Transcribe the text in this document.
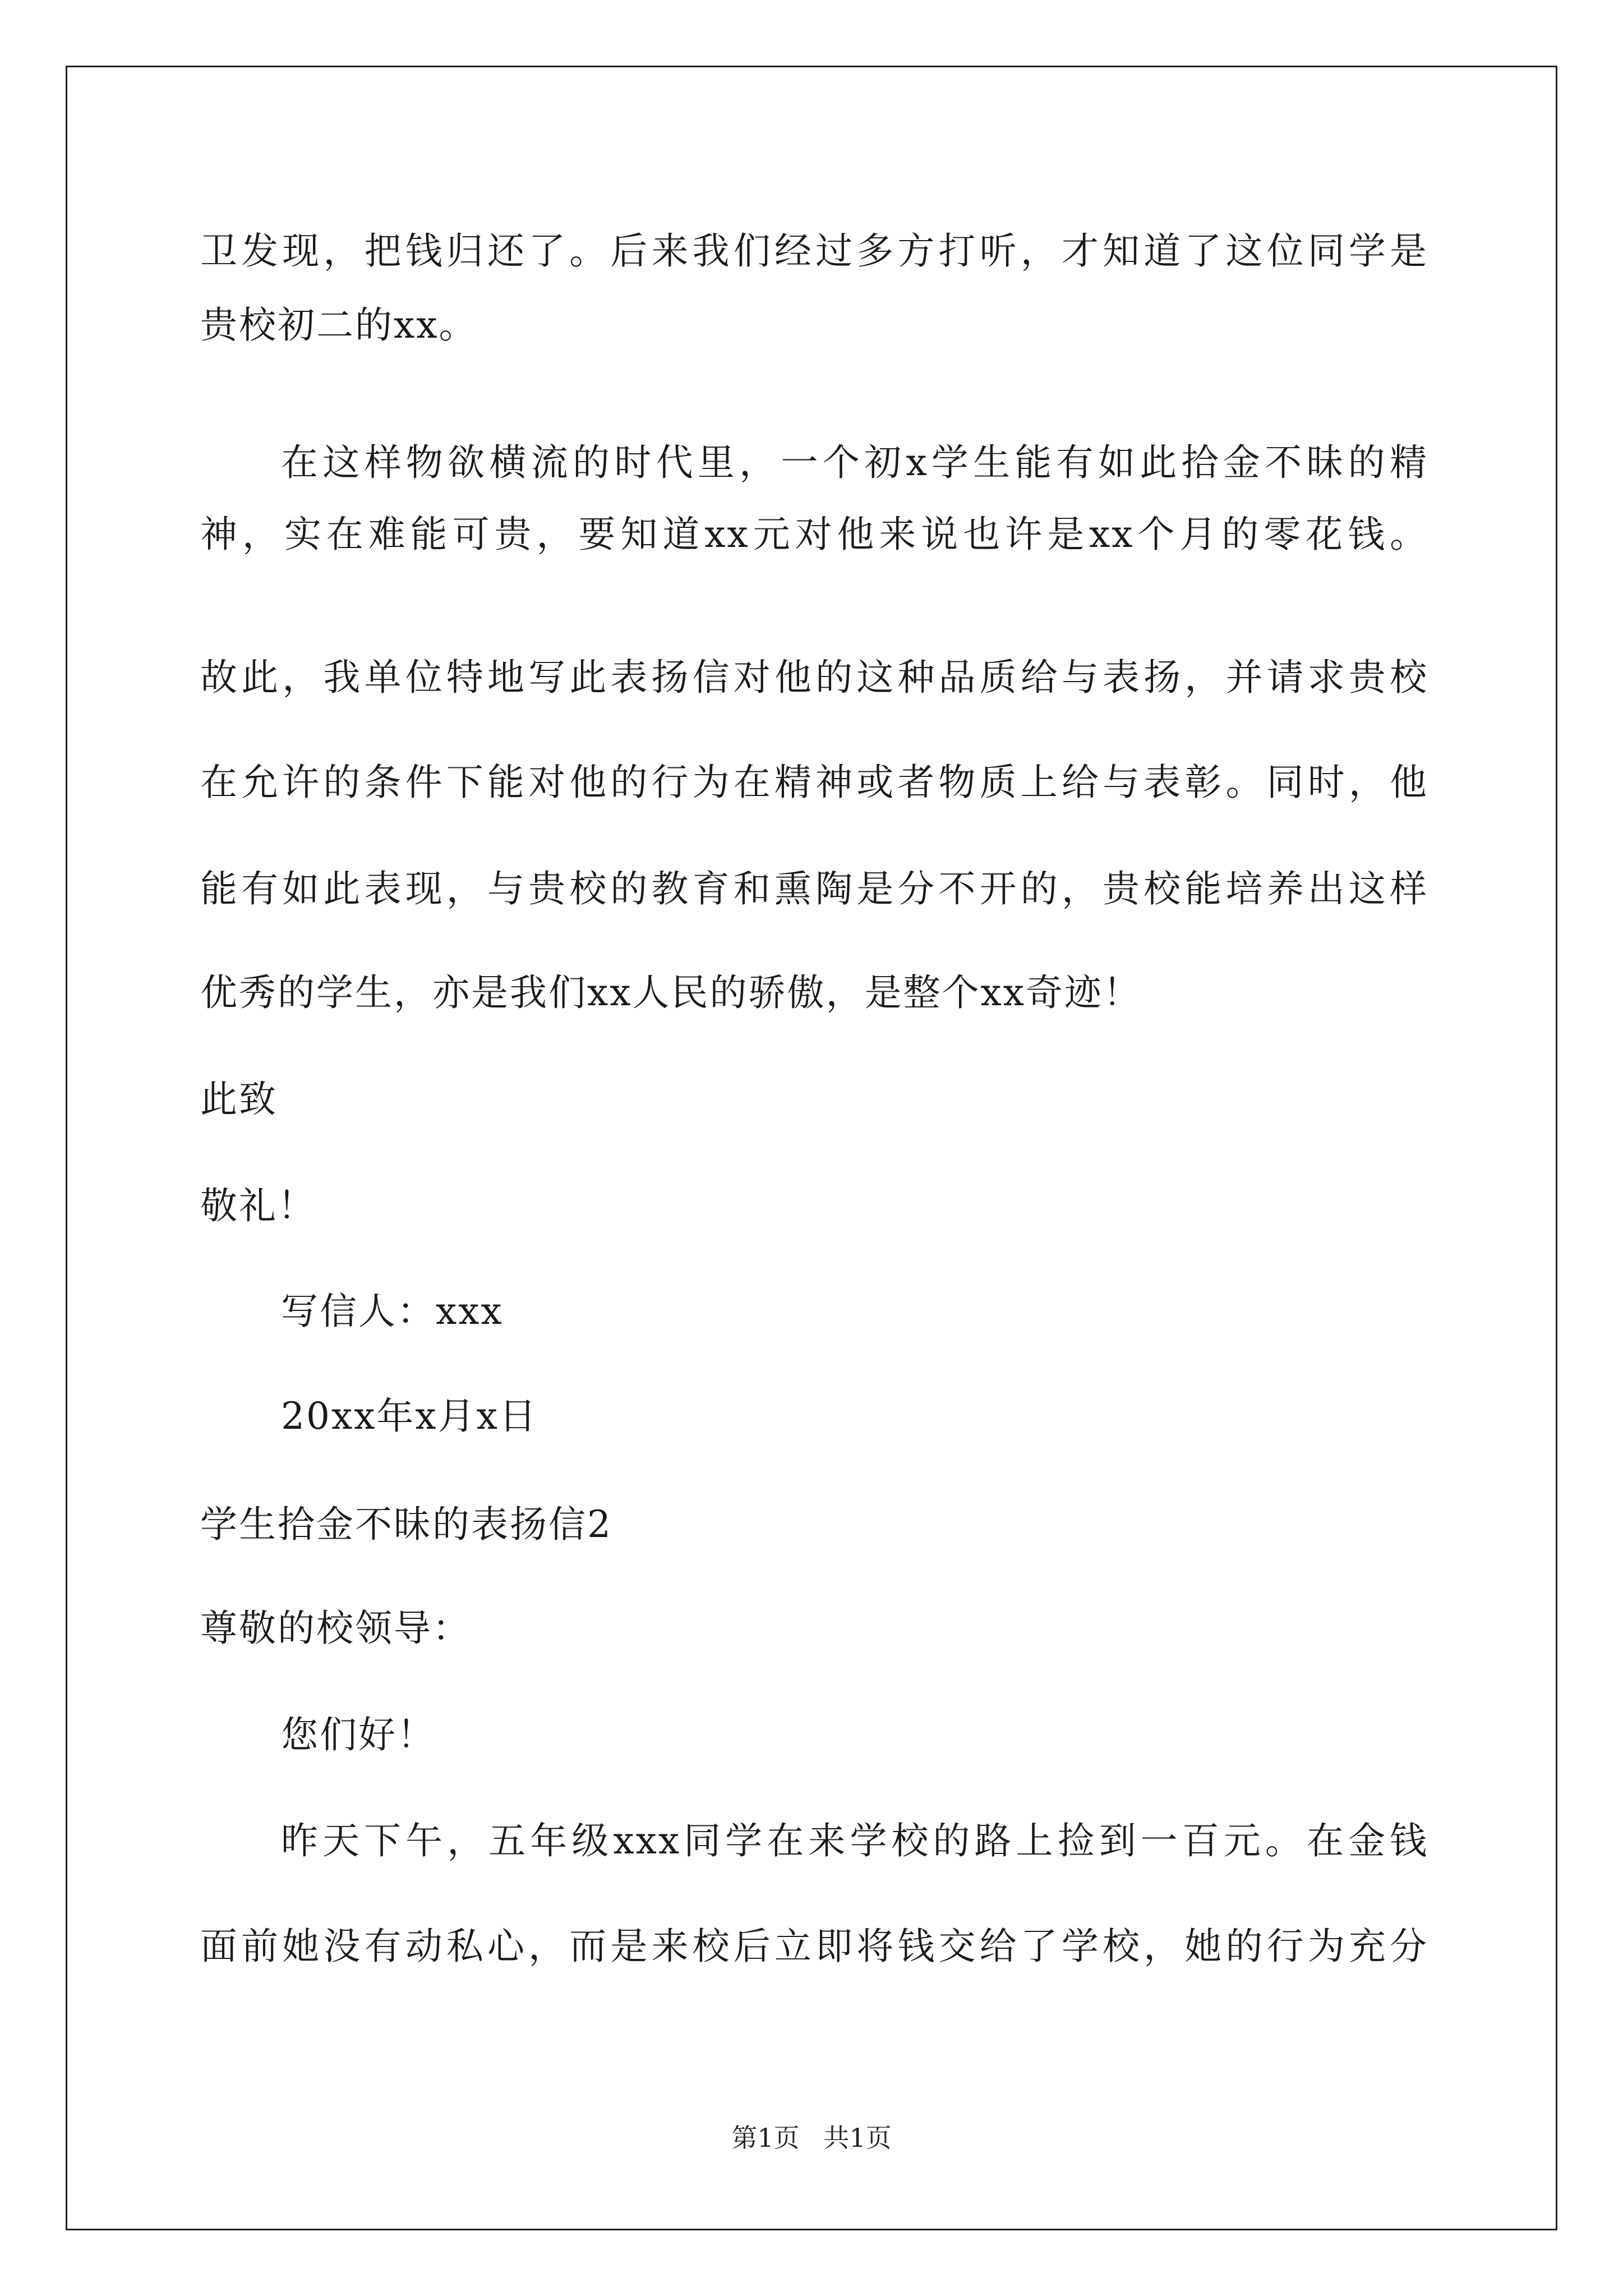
卫发现，把钱归还了。后来我们经过多方打听，才知道了这位同学是
贵校初二的xx。
在这样物欲横流的时代里，一个初x学生能有如此拾金不昧的精
神，实在难能可贵，要知道xx元对他来说也许是xx个月的零花钱。
故此，我单位特地写此表扬信对他的这种品质给与表扬，并请求贵校
在允许的条件下能对他的行为在精神或者物质上给与表彰。同时，他
能有如此表现，与贵校的教育和熏陶是分不开的，贵校能培养出这样
优秀的学生，亦是我们xx人民的骄傲，是整个xx奇迹！
此致
敬礼！
写信人：xxx
20xx年x月x日
学生拾金不昧的表扬信2
尊敬的校领导：
您们好！
昨天下午，五年级xxx同学在来学校的路上捡到一百元。在金钱
面前她没有动私心，而是来校后立即将钱交给了学校，她的行为充分
第1页 共1页
